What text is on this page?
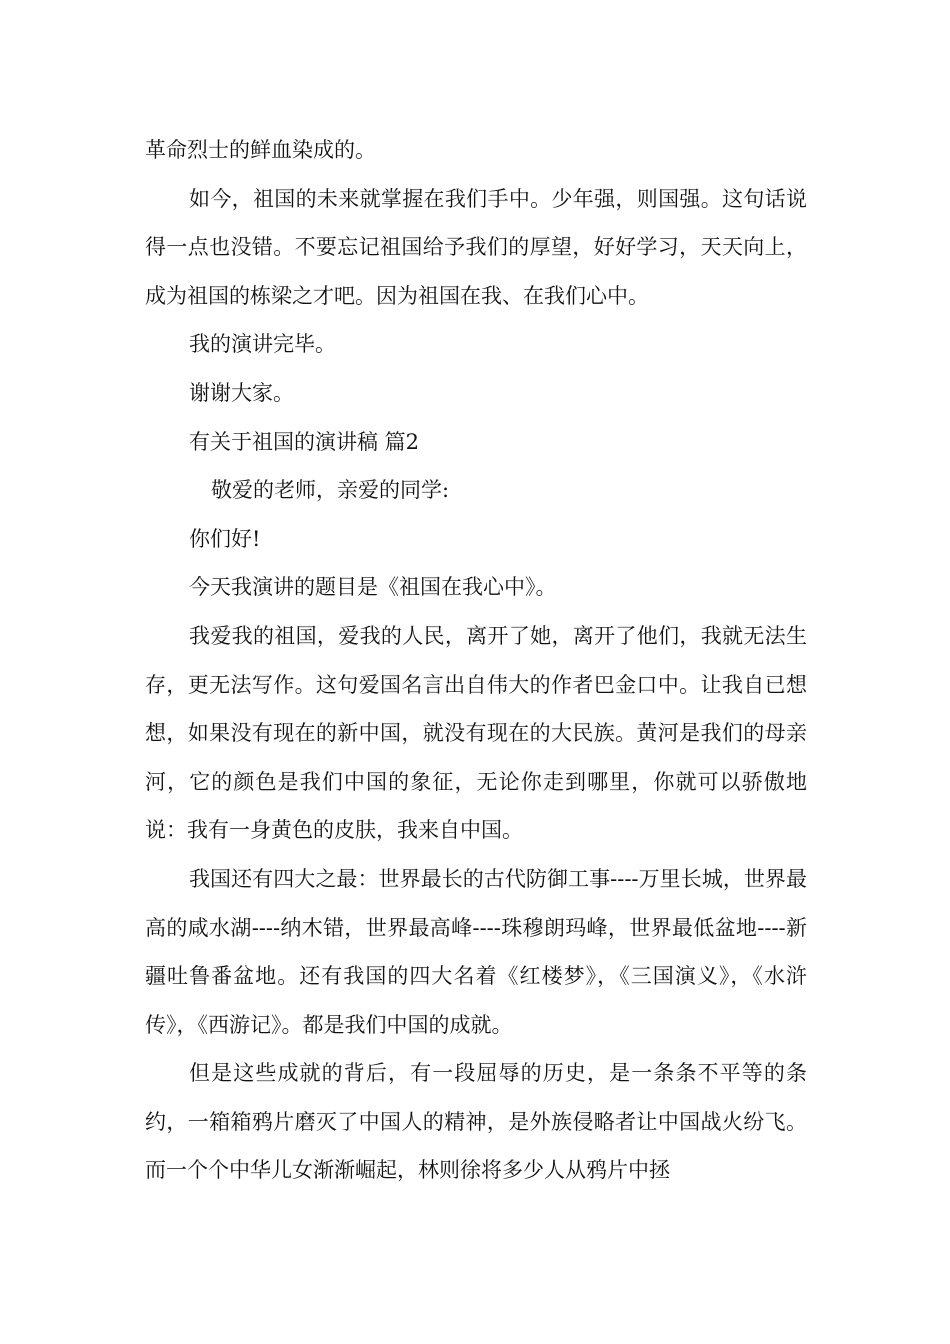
革命烈士的鲜血染成的。

如今，祖国的未来就掌握在我们手中。少年强，则国强。这句话说得一点也没错。不要忘记祖国给予我们的厚望，好好学习，天天向上，成为祖国的栋梁之才吧。因为祖国在我、在我们心中。

我的演讲完毕。

谢谢大家。

有关于祖国的演讲稿 篇2

敬爱的老师，亲爱的同学:

你们好!

今天我演讲的题目是《祖国在我心中》。

我爱我的祖国，爱我的人民，离开了她，离开了他们，我就无法生存，更无法写作。这句爱国名言出自伟大的作者巴金口中。让我自已想想，如果没有现在的新中国，就没有现在的大民族。黄河是我们的母亲河，它的颜色是我们中国的象征，无论你走到哪里，你就可以骄傲地说：我有一身黄色的皮肤，我来自中国。

我国还有四大之最：世界最长的古代防御工事----万里长城，世界最高的咸水湖----纳木错，世界最高峰----珠穆朗玛峰，世界最低盆地----新疆吐鲁番盆地。还有我国的四大名着《红楼梦》，《三国演义》，《水浒传》，《西游记》。都是我们中国的成就。

但是这些成就的背后，有一段屈辱的历史，是一条条不平等的条约，一箱箱鸦片磨灭了中国人的精神，是外族侵略者让中国战火纷飞。而一个个中华儿女渐渐崛起，林则徐将多少人从鸦片中拯
